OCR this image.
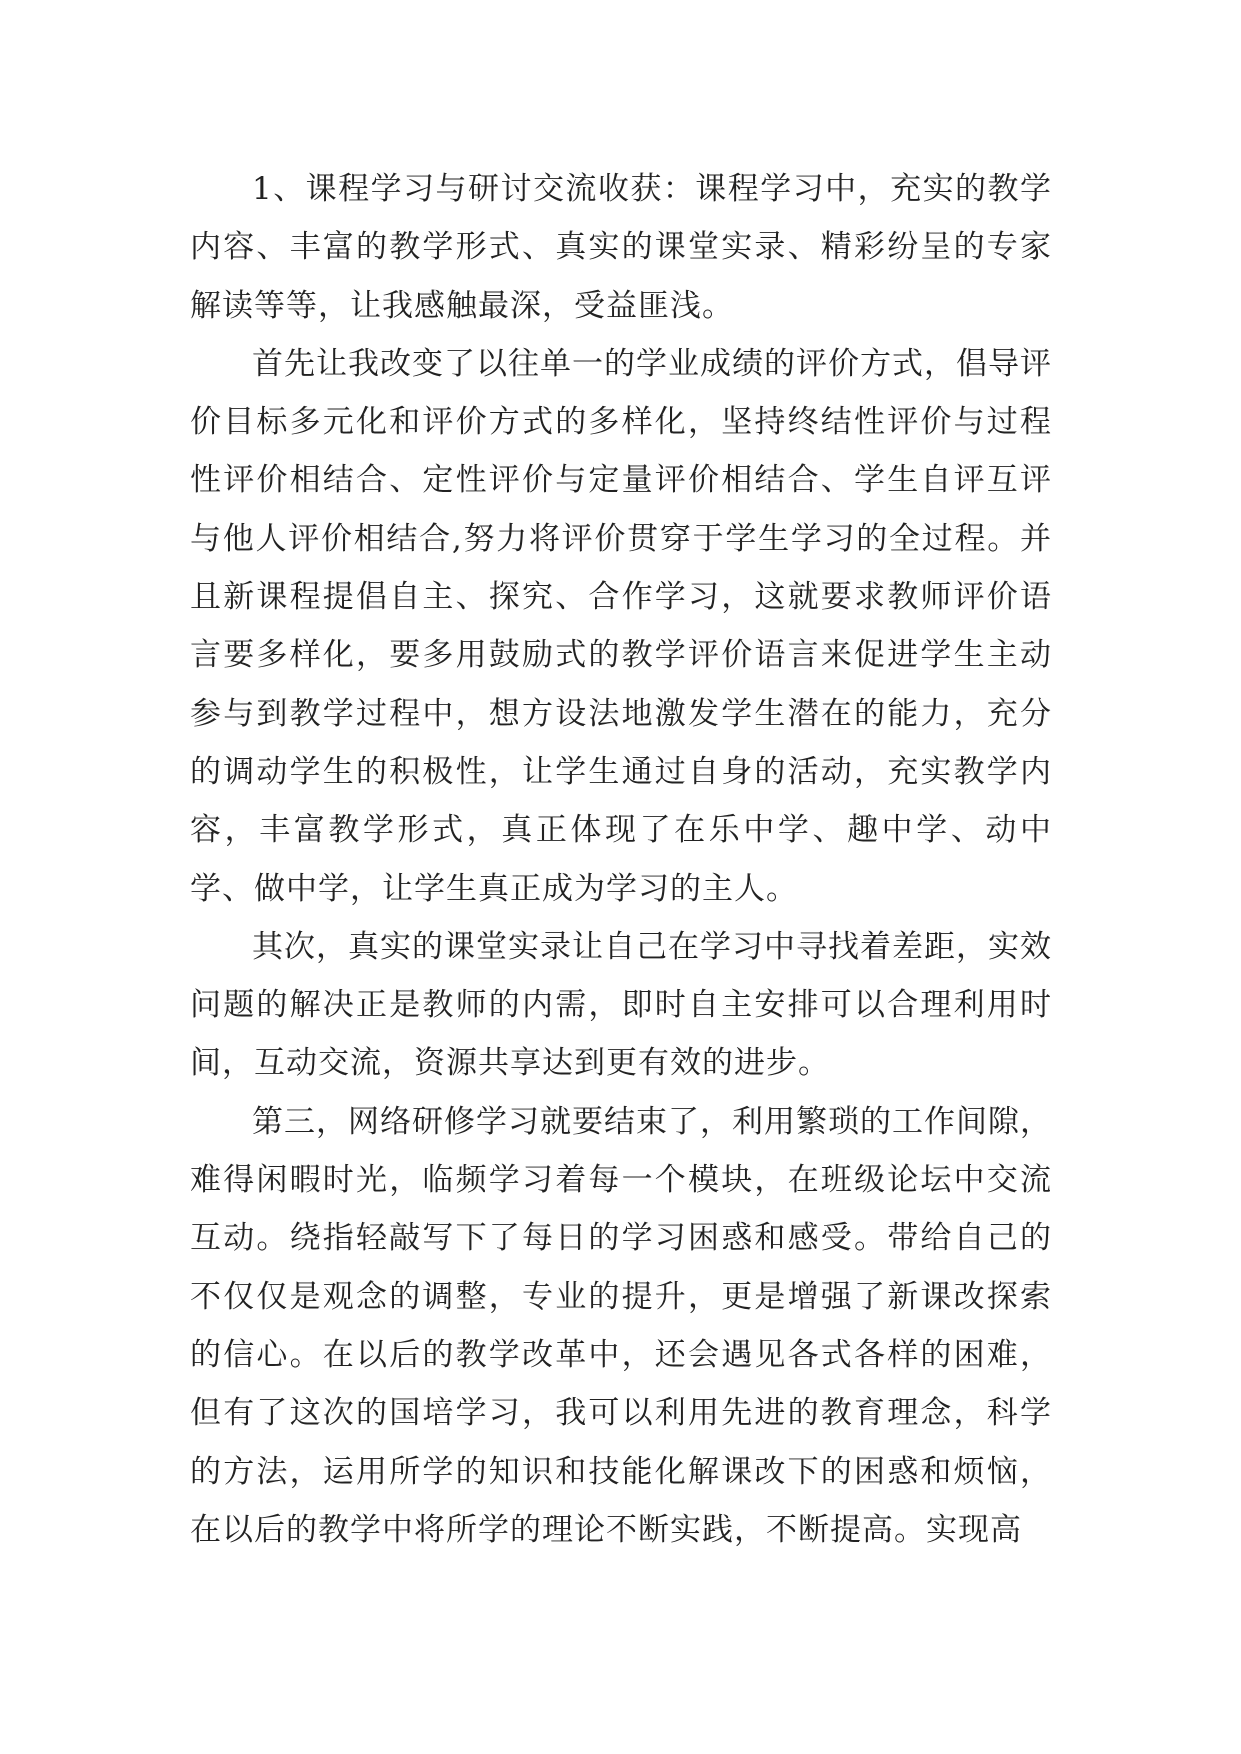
1、课程学习与研讨交流收获：课程学习中，充实的教学内容、丰富的教学形式、真实的课堂实录、精彩纷呈的专家解读等等，让我感触最深，受益匪浅。

首先让我改变了以往单一的学业成绩的评价方式，倡导评价目标多元化和评价方式的多样化，坚持终结性评价与过程性评价相结合、定性评价与定量评价相结合、学生自评互评与他人评价相结合,努力将评价贯穿于学生学习的全过程。并且新课程提倡自主、探究、合作学习，这就要求教师评价语言要多样化，要多用鼓励式的教学评价语言来促进学生主动参与到教学过程中，想方设法地激发学生潜在的能力，充分的调动学生的积极性，让学生通过自身的活动，充实教学内容，丰富教学形式，真正体现了在乐中学、趣中学、动中学、做中学，让学生真正成为学习的主人。

其次，真实的课堂实录让自己在学习中寻找着差距，实效问题的解决正是教师的内需，即时自主安排可以合理利用时间，互动交流，资源共享达到更有效的进步。

第三，网络研修学习就要结束了，利用繁琐的工作间隙，难得闲暇时光，临频学习着每一个模块，在班级论坛中交流互动。绕指轻敲写下了每日的学习困惑和感受。带给自己的不仅仅是观念的调整，专业的提升，更是增强了新课改探索的信心。在以后的教学改革中，还会遇见各式各样的困难，但有了这次的国培学习，我可以利用先进的教育理念，科学的方法，运用所学的知识和技能化解课改下的困惑和烦恼，在以后的教学中将所学的理论不断实践，不断提高。实现高
